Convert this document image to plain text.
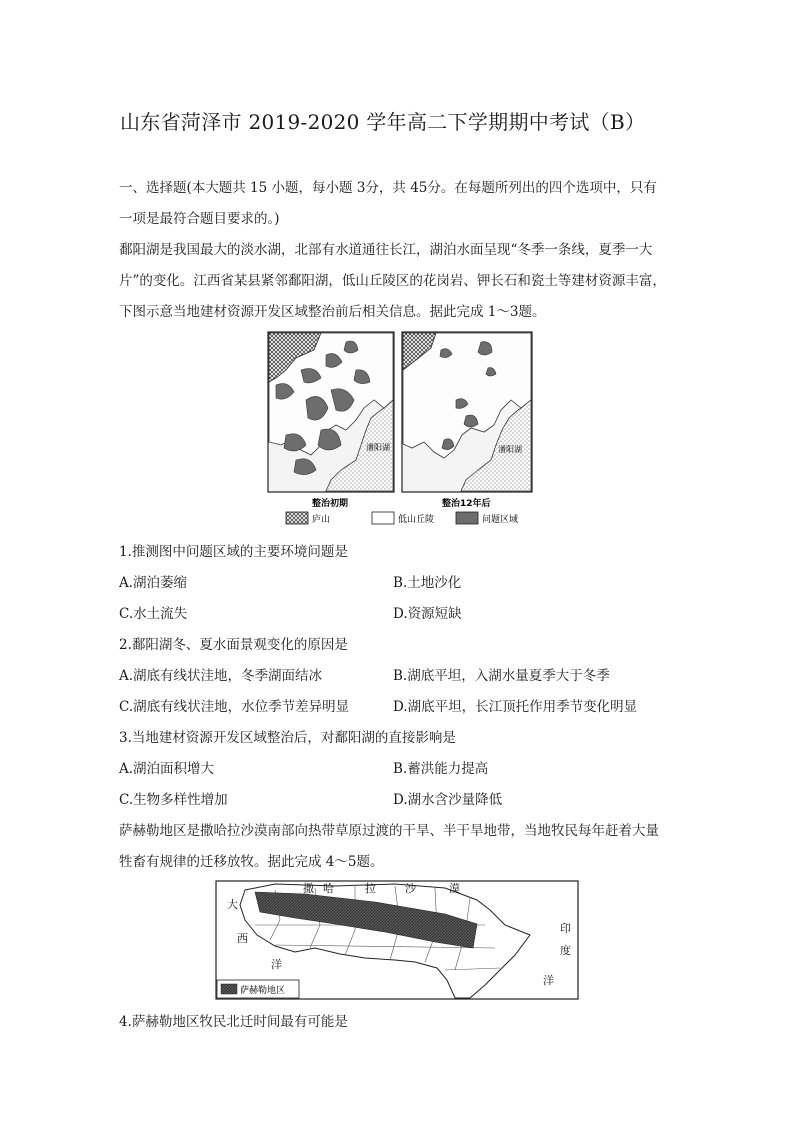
山东省菏泽市 2019-2020 学年高二下学期期中考试（B）
一、选择题(本大题共 15 小题，每小题 3分，共 45分。在每题所列出的四个选项中，只有
一项是最符合题目要求的。)
鄱阳湖是我国最大的淡水湖，北部有水道通往长江，湖泊水面呈现“冬季一条线，夏季一大
片”的变化。江西省某县紧邻鄱阳湖，低山丘陵区的花岗岩、钾长石和瓷土等建材资源丰富，
下图示意当地建材资源开发区域整治前后相关信息。据此完成 1～3题。
潘阳湖
整治初期
潘阳湖
整治12年后
庐山	低山丘陵	问题区域
1.推测图中问题区域的主要环境问题是
A.湖泊萎缩	B.土地沙化
C.水土流失	D.资源短缺
2.鄱阳湖冬、夏水面景观变化的原因是
A.湖底有线状洼地，冬季湖面结冰	B.湖底平坦，入湖水量夏季大于冬季
C.湖底有线状洼地，水位季节差异明显	D.湖底平坦，长江顶托作用季节变化明显
3.当地建材资源开发区域整治后，对鄱阳湖的直接影响是
A.湖泊面积增大	B.蓄洪能力提高
C.生物多样性增加	D.湖水含沙量降低
萨赫勒地区是撒哈拉沙漠南部向热带草原过渡的干旱、半干旱地带，当地牧民每年赶着大量
牲畜有规律的迁移放牧。据此完成 4～5题。
撒 哈	拉	沙	漠
大
西
洋
印
度
洋
萨赫勒地区
4.萨赫勒地区牧民北迁时间最有可能是
